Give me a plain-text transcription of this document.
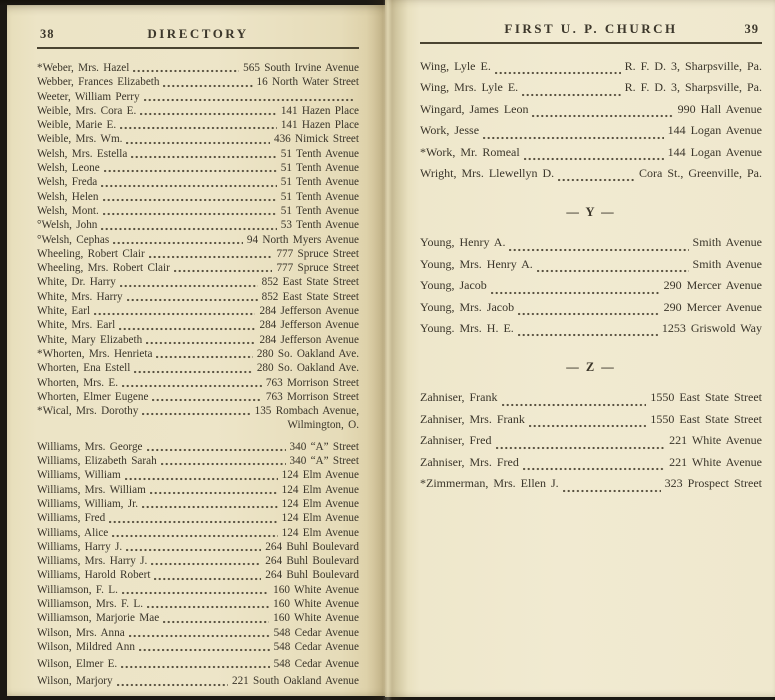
38	DIRECTORY
*Weber, Mrs. Hazel	565 South Irvine Avenue
Webber, Frances Elizabeth	16 North Water Street
Weeter, William Perry
Weible, Mrs. Cora E.	141 Hazen Place
Weible, Marie E.	141 Hazen Place
Weible, Mrs. Wm.	436 Nimick Street
Welsh, Mrs. Estella	51 Tenth Avenue
Welsh, Leone	51 Tenth Avenue
Welsh, Freda	51 Tenth Avenue
Welsh, Helen	51 Tenth Avenue
Welsh, Mont.	51 Tenth Avenue
°Welsh, John	53 Tenth Avenue
°Welsh, Cephas	94 North Myers Avenue
Wheeling, Robert Clair	777 Spruce Street
Wheeling, Mrs. Robert Clair	777 Spruce Street
White, Dr. Harry	852 East State Street
White, Mrs. Harry	852 East State Street
White, Earl	284 Jefferson Avenue
White, Mrs. Earl	284 Jefferson Avenue
White, Mary Elizabeth	284 Jefferson Avenue
*Whorten, Mrs. Henrieta	280 So. Oakland Ave.
Whorten, Ena Estell	280 So. Oakland Ave.
Whorten, Mrs. E.	763 Morrison Street
Whorten, Elmer Eugene	763 Morrison Street
*Wical, Mrs. Dorothy	135 Rombach Avenue,
Wilmington, O.
Williams, Mrs. George	340 “A” Street
Williams, Elizabeth Sarah	340 “A” Street
Williams, William	124 Elm Avenue
Williams, Mrs. William	124 Elm Avenue
Williams, William, Jr.	124 Elm Avenue
Williams, Fred	124 Elm Avenue
Williams, Alice	124 Elm Avenue
Williams, Harry J.	264 Buhl Boulevard
Williams, Mrs. Harry J.	264 Buhl Boulevard
Williams, Harold Robert	264 Buhl Boulevard
Williamson, F. L.	160 White Avenue
Williamson, Mrs. F. L.	160 White Avenue
Williamson, Marjorie Mae	160 White Avenue
Wilson, Mrs. Anna	548 Cedar Avenue
Wilson, Mildred Ann	548 Cedar Avenue
Wilson, Elmer E.	548 Cedar Avenue
Wilson, Marjory	221 South Oakland Avenue
FIRST U. P. CHURCH	39
Wing, Lyle E.	R. F. D. 3, Sharpsville, Pa.
Wing, Mrs. Lyle E.	R. F. D. 3, Sharpsville, Pa.
Wingard, James Leon	990 Hall Avenue
Work, Jesse	144 Logan Avenue
*Work, Mr. Romeal	144 Logan Avenue
Wright, Mrs. Llewellyn D.	Cora St., Greenville, Pa.
— Y —
Young, Henry A.	Smith Avenue
Young, Mrs. Henry A.	Smith Avenue
Young, Jacob	290 Mercer Avenue
Young, Mrs. Jacob	290 Mercer Avenue
Young. Mrs. H. E.	1253 Griswold Way
— Z —
Zahniser, Frank	1550 East State Street
Zahniser, Mrs. Frank	1550 East State Street
Zahniser, Fred	221 White Avenue
Zahniser, Mrs. Fred	221 White Avenue
*Zimmerman, Mrs. Ellen J.	323 Prospect Street
